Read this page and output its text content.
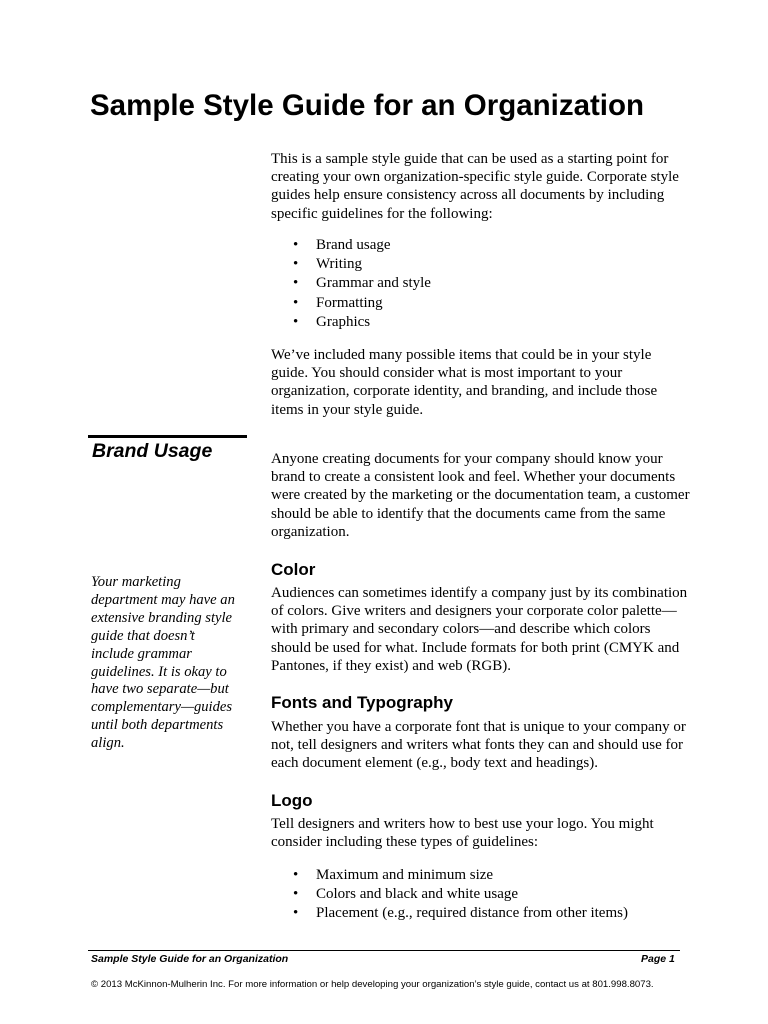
Sample Style Guide for an Organization

This is a sample style guide that can be used as a starting point for creating your own organization-specific style guide. Corporate style guides help ensure consistency across all documents by including specific guidelines for the following:

• Brand usage
• Writing
• Grammar and style
• Formatting
• Graphics

We’ve included many possible items that could be in your style guide. You should consider what is most important to your organization, corporate identity, and branding, and include those items in your style guide.

Brand Usage	Anyone creating documents for your company should know your brand to create a consistent look and feel. Whether your documents were created by the marketing or the documentation team, a customer should be able to identify that the documents came from the same organization.

Your marketing department may have an extensive branding style guide that doesn’t include grammar guidelines. It is okay to have two separate—but complementary—guides until both departments align.

Color

Audiences can sometimes identify a company just by its combination of colors. Give writers and designers your corporate color palette—with primary and secondary colors—and describe which colors should be used for what. Include formats for both print (CMYK and Pantones, if they exist) and web (RGB).

Fonts and Typography

Whether you have a corporate font that is unique to your company or not, tell designers and writers what fonts they can and should use for each document element (e.g., body text and headings).

Logo

Tell designers and writers how to best use your logo. You might consider including these types of guidelines:

• Maximum and minimum size
• Colors and black and white usage
• Placement (e.g., required distance from other items)
Sample Style Guide for an Organization	Page 1
© 2013 McKinnon-Mulherin Inc. For more information or help developing your organization’s style guide, contact us at 801.998.8073.
